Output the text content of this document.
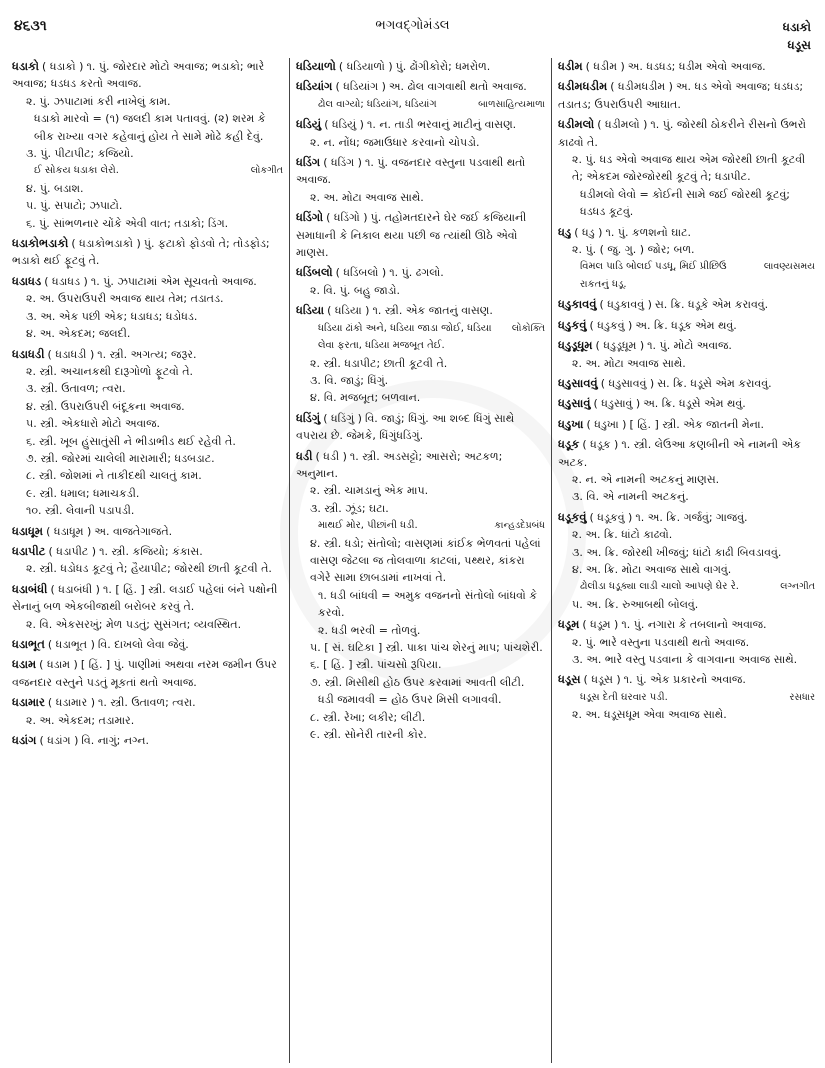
૪૬૩૧	ભગવદ્ગોમંડલ	ધડાકો
ધડૂસ
ધડાકો ( ધડાકો ) ૧. પું. જોરદાર મોટો અવાજ; ભડાકો; ભારે અવાજ; ધડધડ કરતો અવાજ.
૨. પું. ઝપાટામાં કરી નાખેલું કામ.
ધડાકો મારવો = (૧) જલદી કામ પતાવવું. (૨) શરમ કે બીક રાખ્યા વગર કહેવાનું હોય તે સામે મોઢે કહી દેવું.
૩. પું. પીટાપીટ; કજિયો.
ઈ સોકય ધડાકા લેરો.	લોકગીત
૪. પું. બડાશ.
૫. પું. સપાટો; ઝપાટો.
૬. પું. સાંભળનાર ચોંકે એવી વાત; તડાકો; ડિંગ.
ધડાકોભડાકો ( ધડાકોભડાકો ) પું. ફટાકો ફોડવો તે; તોડફોડ; ભડાકો થઈ ફૂટવું તે.
ધડાધડ ( ધડાધડ ) ૧. પું. ઝપાટામાં એમ સૂચવતો અવાજ.
૨. અ. ઉપરાઉપરી અવાજ થાય તેમ; તડાતડ.
૩. અ. એક પછી એક; ધડાધડ; ધડોધડ.
૪. અ. એકદમ; જલદી.
ધડાધડી ( ધડાધડી ) ૧. સ્ત્રી. અગત્ય; જરૂર.
૨. સ્ત્રી. અચાનકથી દારૂગોળો ફૂટવો તે.
૩. સ્ત્રી. ઉતાવળ; ત્વરા.
૪. સ્ત્રી. ઉપરાઉપરી બંદૂકના અવાજ.
૫. સ્ત્રી. એકધારો મોટો અવાજ.
૬. સ્ત્રી. ખૂબ હુંસાતુંસી ને ભીડાભીડ થઈ રહેવી તે.
૭. સ્ત્રી. જોરમાં ચાલેલી મારામારી; ધડબડાટ.
૮. સ્ત્રી. જોશમાં ને તાકીદથી ચાલતું કામ.
૯. સ્ત્રી. ધમાલ; ધમાચકડી.
૧૦. સ્ત્રી. લેવાની પડાપડી.
ધડાધૂમ ( ધડાધૂમ ) અ. વાજતેગાજતે.
ધડાપીટ ( ધડાપીટ ) ૧. સ્ત્રી. કજિયો; કંકાસ.
૨. સ્ત્રી. ધડોધડ કૂટવું તે; હૈયાપીટ; જોરથી છાતી કૂટવી તે.
ધડાબંધી ( ધડાબંધી ) ૧. [ હિં. ] સ્ત્રી. લડાઈ પહેલાં બંને પક્ષોની સેનાનું બળ એકબીજાથી બરોબર કરવું તે.
૨. વિ. એકસરખું; મેળ પડતું; સુસંગત; વ્યવસ્થિત.
ધડાભૂત ( ધડાભૂત ) વિ. દાખલો લેવા જેવું.
ધડામ ( ધડામ ) [ હિં. ] પું. પાણીમાં અથવા નરમ જમીન ઉપર વજનદાર વસ્તુને પડતું મૂકતાં થતો અવાજ.
ધડામાર ( ધડામાર ) ૧. સ્ત્રી. ઉતાવળ; ત્વરા.
૨. અ. એકદમ; તડામાર.
ધડાંગ ( ધડાંગ ) વિ. નાગું; નગ્ન.
ધડિયાળો ( ધડિયાળો ) પું. ઢોંગીકોરો; ધમરોળ.
ધડિયાંગ ( ધડિયાંગ ) અ. ઢોલ વાગવાથી થતો અવાજ.
ઢોલ વાગ્યો; ધડિયાંગ, ધડિયાંગ	બાળસાહિત્યમાળા
ધડિયું ( ધડિયું ) ૧. ન. તાડી ભરવાનું માટીનું વાસણ.
૨. ન. નોંધ; જમાઉધાર કરવાનો ચોપડો.
ધડિંગ ( ધડિંગ ) ૧. પું. વજનદાર વસ્તુના પડવાથી થતો અવાજ.
૨. અ. મોટા અવાજ સાથે.
ધડિંગો ( ધડિંગો ) પું. તહોમતદારને ઘેર જઈ કજિયાની સમાધાની કે નિકાલ થયા પછી જ ત્યાંથી ઊઠે એવો માણસ.
ધડિંબલો ( ધડિંબલો ) ૧. પું. ઢગલો.
૨. વિ. પું. બહુ જાડો.
ધડિયા ( ધડિયા ) ૧. સ્ત્રી. એક જાતનું વાસણ.
ધડિયા ઢાંકો અને, ધડિયા જાડા જોઈ, ધડિયા લેવા ફરતા, ધડિયા મજબૂત તેઈ.
લોકોક્તિ
૨. સ્ત્રી. ધડાપીટ; છાતી કૂટવી તે.
૩. વિ. જાડું; ધિંગું.
૪. વિ. મજબૂત; બળવાન.
ધડિંગું ( ધડિંગું ) વિ. જાડું; ધિંગું. આ શબ્દ ધિંગું સાથે વપરાય છે. જેમકે, ધિંગુંધડિંગું.
ધડી ( ધડી ) ૧. સ્ત્રી. અડસટ્ટો; આસરો; અટકળ; અનુમાન.
૨. સ્ત્રી. ચામડાનું એક માપ.
૩. સ્ત્રી. ઝૂંડ; ઘટા.
માથઈ મોર, પીછાંની ધડી.	કાન્હડદેપ્રબંધ
૪. સ્ત્રી. ધડો; સંતોલો; વાસણમાં કાંઈક ભેળવતાં પહેલાં વાસણ જેટલા જ તોલવાળા કાટલાં, પથ્થર, કાંકરા વગેરે સામા છાબડામાં નાખવાં તે.
૧. ધડી બાંધવી = અમુક વજનનો સંતોલો બાંધવો કે કરવો.
૨. ધડી ભરવી = તોળવું.
૫. [ સં. ઘટિકા ] સ્ત્રી. પાકા પાંચ શેરનું માપ; પાંચશેરી.
૬. [ હિં. ] સ્ત્રી. પાંચસો રૂપિયા.
૭. સ્ત્રી. મિસીથી હોઠ ઉપર કરવામાં આવતી લીટી.
ધડી જમાવવી = હોઠ ઉપર મિસી લગાવવી.
૮. સ્ત્રી. રેખા; લકીર; લીટી.
૯. સ્ત્રી. સોનેરી તારની કોર.
ધડીમ ( ધડીમ ) અ. ધડધડ; ધડીમ એવો અવાજ.
ધડીમધડીમ ( ધડીમધડીમ ) અ. ધડ એવો અવાજ; ધડધડ; તડાતડ; ઉપરાઉપરી આઘાત.
ધડીમલો ( ધડીમલો ) ૧. પું. જોરથી ઠોકરીને રીસનો ઉભરો કાઢવો તે.
૨. પું. ધડ એવો અવાજ થાય એમ જોરથી છાતી કૂટવી તે; એકદમ જોરજોરથી કૂટવું તે; ધડાપીટ.
ધડીમલો લેવો = કોઈની સામે જઈ જોરથી કૂટવું; ધડધડ કૂટવું.
ધડુ ( ધડુ ) ૧. પું. કળશનો ઘાટ.
૨. પું. ( જુ. ગુ. ) જોર; બળ.
વિમલ પાડિ બોલઈ પડધૂ, મિઈં પ્રીછિઉ રાકતનું ધડૂ.
લાવણ્યસમય
ધડુકાવવું ( ધડુકાવવું ) સ. ક્રિ. ધડૂકે એમ કરાવવું.
ધડુકવું ( ધડુકવું ) અ. ક્રિ. ધડૂક એમ થવું.
ધડુડૂધૂમ ( ધડુડૂધૂમ ) ૧. પું. મોટો અવાજ.
૨. અ. મોટા અવાજ સાથે.
ધડુસાવવું ( ધડુસાવવું ) સ. ક્રિ. ધડૂસે એમ કરાવવું.
ધડુસાવું ( ધડુસાવું ) અ. ક્રિ. ધડૂસે એમ થવું.
ધડુખા ( ધડુખા ) [ હિં. ] સ્ત્રી. એક જાતની મેના.
ધડૂક ( ધડૂક ) ૧. સ્ત્રી. લેઉઆ કણબીની એ નામની એક અટક.
૨. ન. એ નામની અટકનું માણસ.
૩. વિ. એ નામની અટકનું.
ધડૂકવું ( ધડૂકવું ) ૧. અ. ક્રિ. ગર્જવું; ગાજવું.
૨. અ. ક્રિ. ધાંટો કાઢવો.
૩. અ. ક્રિ. જોરથી ખીજવું; ધાંટો કાઢી બિવડાવવું.
૪. અ. ક્રિ. મોટા અવાજ સાથે વાગવું.
ઢોલીડા ધડૂક્યા લાડી ચાલો આપણે ઘેર રે.	લગ્નગીત
૫. અ. ક્રિ. રુઆબથી બોલવું.
ધડૂમ ( ધડૂમ ) ૧. પું. નગારા કે તબલાનો અવાજ.
૨. પું. ભારે વસ્તુના પડવાથી થતો અવાજ.
૩. અ. ભારે વસ્તુ પડવાના કે વાગવાના અવાજ સાથે.
ધડૂસ ( ધડૂસ ) ૧. પું. એક પ્રકારનો અવાજ.
ધડૂસ દેતી ઘરવાર પડી.	રસધાર
૨. અ. ધડૂસધૂમ એવા અવાજ સાથે.
